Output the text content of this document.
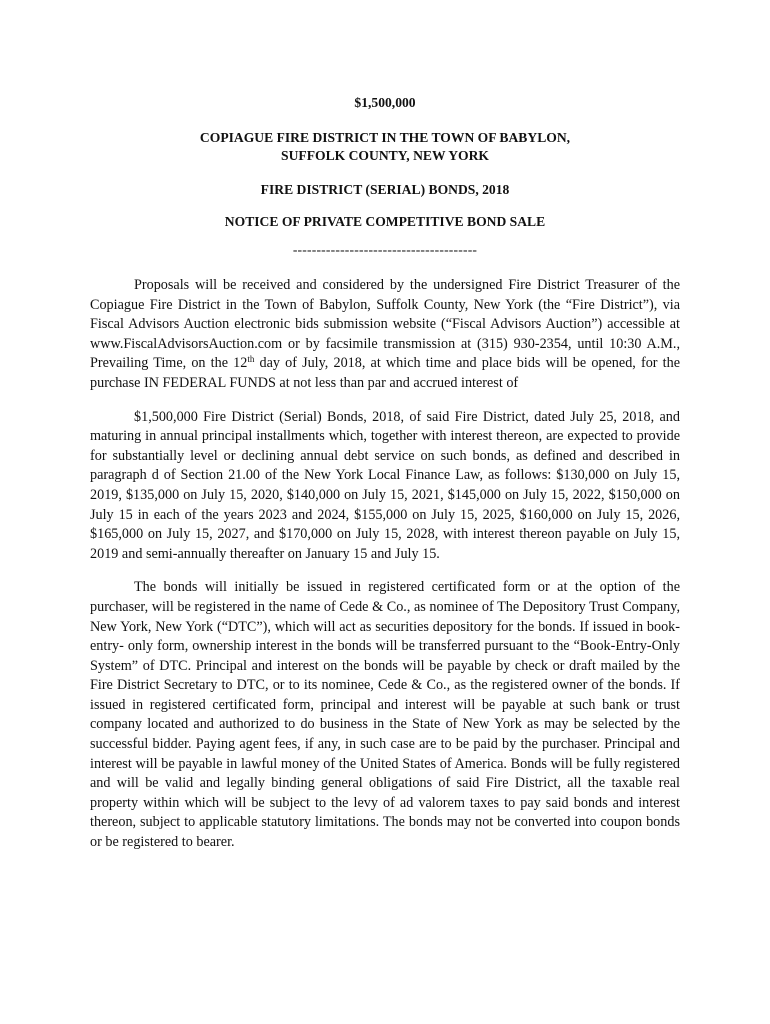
$1,500,000
COPIAGUE FIRE DISTRICT IN THE TOWN OF BABYLON,
SUFFOLK COUNTY, NEW YORK
FIRE DISTRICT (SERIAL) BONDS, 2018
NOTICE OF PRIVATE COMPETITIVE BOND SALE
---------------------------------------

Proposals will be received and considered by the undersigned Fire District Treasurer of the Copiague Fire District in the Town of Babylon, Suffolk County, New York (the “Fire District”), via Fiscal Advisors Auction electronic bids submission website (“Fiscal Advisors Auction”) accessible at www.FiscalAdvisorsAuction.com or by facsimile transmission at (315) 930-2354, until 10:30 A.M., Prevailing Time, on the 12th day of July, 2018, at which time and place bids will be opened, for the purchase IN FEDERAL FUNDS at not less than par and accrued interest of

$1,500,000 Fire District (Serial) Bonds, 2018, of said Fire District, dated July 25, 2018, and maturing in annual principal installments which, together with interest thereon, are expected to provide for substantially level or declining annual debt service on such bonds, as defined and described in paragraph d of Section 21.00 of the New York Local Finance Law, as follows: $130,000 on July 15, 2019, $135,000 on July 15, 2020, $140,000 on July 15, 2021, $145,000 on July 15, 2022, $150,000 on July 15 in each of the years 2023 and 2024, $155,000 on July 15, 2025, $160,000 on July 15, 2026, $165,000 on July 15, 2027, and $170,000 on July 15, 2028, with interest thereon payable on July 15, 2019 and semi-annually thereafter on January 15 and July 15.

The bonds will initially be issued in registered certificated form or at the option of the purchaser, will be registered in the name of Cede & Co., as nominee of The Depository Trust Company, New York, New York (“DTC”), which will act as securities depository for the bonds. If issued in book-entry- only form, ownership interest in the bonds will be transferred pursuant to the “Book-Entry-Only System” of DTC. Principal and interest on the bonds will be payable by check or draft mailed by the Fire District Secretary to DTC, or to its nominee, Cede & Co., as the registered owner of the bonds. If issued in registered certificated form, principal and interest will be payable at such bank or trust company located and authorized to do business in the State of New York as may be selected by the successful bidder. Paying agent fees, if any, in such case are to be paid by the purchaser. Principal and interest will be payable in lawful money of the United States of America. Bonds will be fully registered and will be valid and legally binding general obligations of said Fire District, all the taxable real property within which will be subject to the levy of ad valorem taxes to pay said bonds and interest thereon, subject to applicable statutory limitations. The bonds may not be converted into coupon bonds or be registered to bearer.
